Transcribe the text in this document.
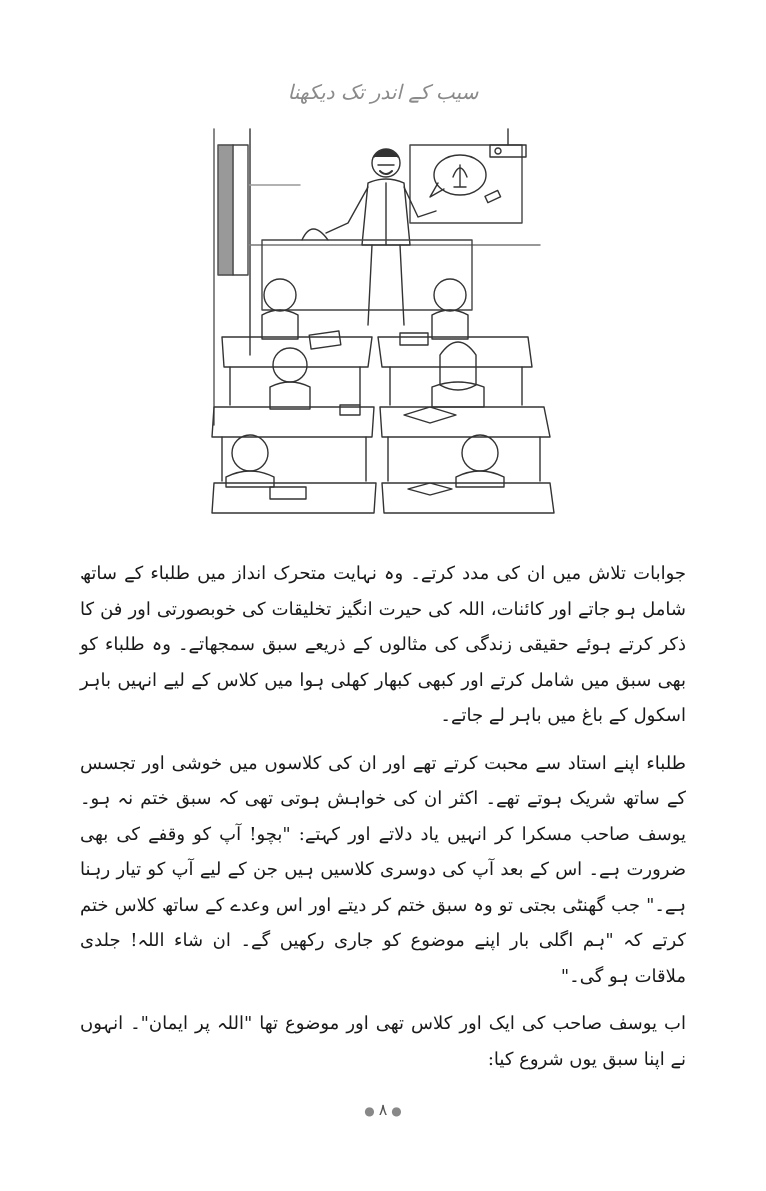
سیب کے اندر تک دیکھنا

جوابات تلاش میں ان کی مدد کرتے۔ وہ نہایت متحرک انداز میں طلباء کے ساتھ شامل ہو جاتے اور کائنات، اللہ کی حیرت انگیز تخلیقات کی خوبصورتی اور فن کا ذکر کرتے ہوئے حقیقی زندگی کی مثالوں کے ذریعے سبق سمجھاتے۔ وہ طلباء کو بھی سبق میں شامل کرتے اور کبھی کبھار کھلی ہوا میں کلاس کے لیے انہیں باہر اسکول کے باغ میں باہر لے جاتے۔

طلباء اپنے استاد سے محبت کرتے تھے اور ان کی کلاسوں میں خوشی اور تجسس کے ساتھ شریک ہوتے تھے۔ اکثر ان کی خواہش ہوتی تھی کہ سبق ختم نہ ہو۔ یوسف صاحب مسکرا کر انہیں یاد دلاتے اور کہتے: "بچو! آپ کو وقفے کی بھی ضرورت ہے۔ اس کے بعد آپ کی دوسری کلاسیں ہیں جن کے لیے آپ کو تیار رہنا ہے۔" جب گھنٹی بجتی تو وہ سبق ختم کر دیتے اور اس وعدے کے ساتھ کلاس ختم کرتے کہ "ہم اگلی بار اپنے موضوع کو جاری رکھیں گے۔ ان شاء اللہ! جلدی ملاقات ہو گی۔"

اب یوسف صاحب کی ایک اور کلاس تھی اور موضوع تھا "اللہ پر ایمان"۔ انہوں نے اپنا سبق یوں شروع کیا:

●۸●
